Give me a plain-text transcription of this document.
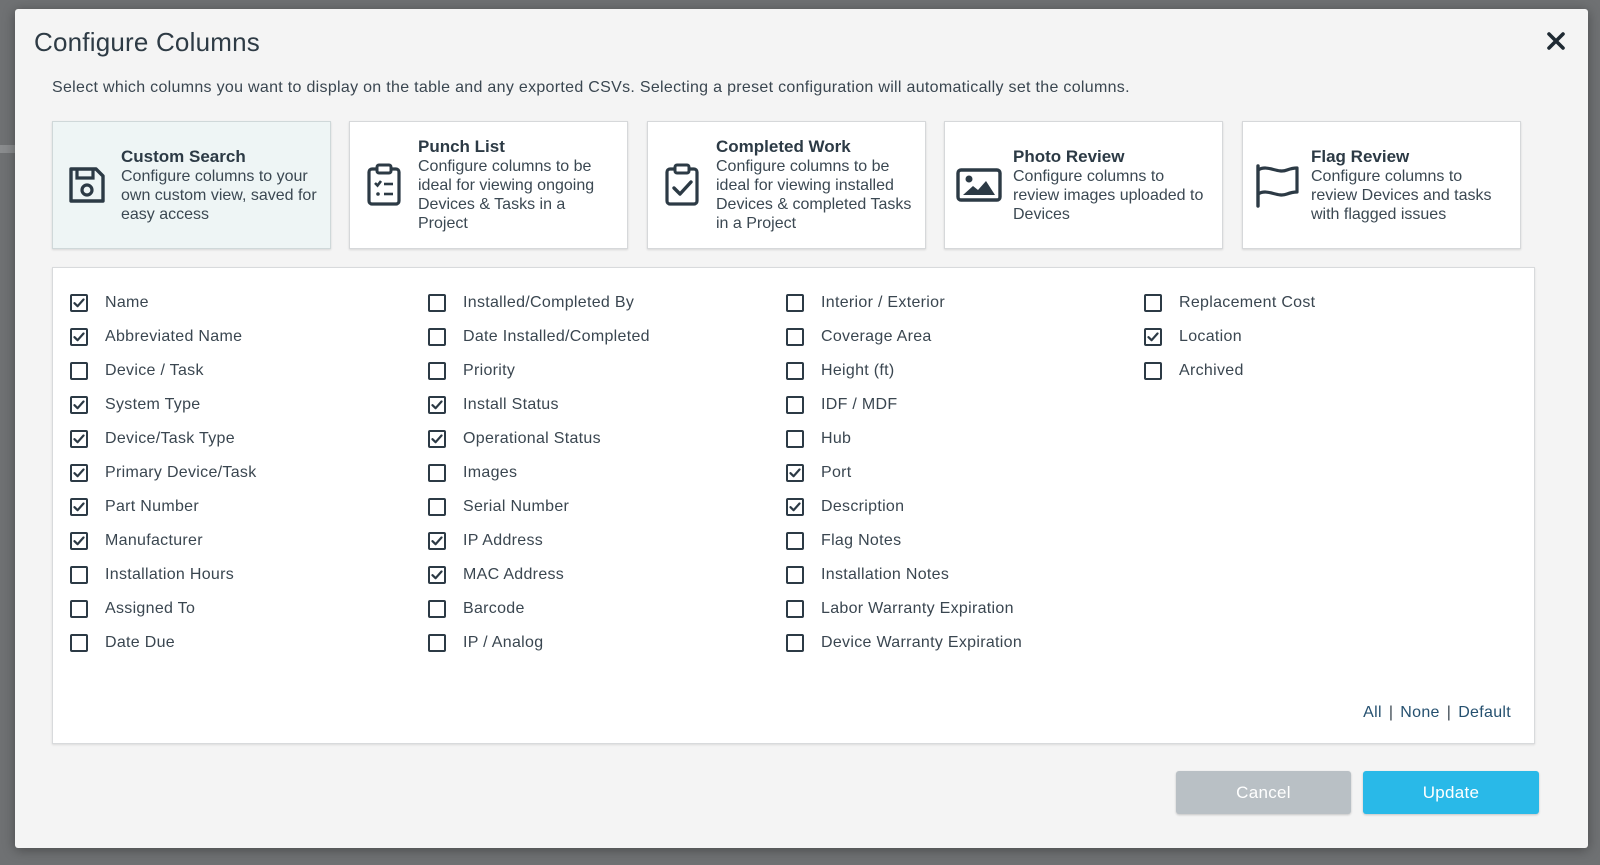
Configure Columns
Select which columns you want to display on the table and any exported CSVs. Selecting a preset configuration will automatically set the columns.
Custom Search
Configure columns to your own custom view, saved for easy access
Punch List
Configure columns to be ideal for viewing ongoing Devices & Tasks in a Project
Completed Work
Configure columns to be ideal for viewing installed Devices & completed Tasks in a Project
Photo Review
Configure columns to review images uploaded to Devices
Flag Review
Configure columns to review Devices and tasks with flagged issues
Name
Abbreviated Name
Device / Task
System Type
Device/Task Type
Primary Device/Task
Part Number
Manufacturer
Installation Hours
Assigned To
Date Due
Installed/Completed By
Date Installed/Completed
Priority
Install Status
Operational Status
Images
Serial Number
IP Address
MAC Address
Barcode
IP / Analog
Interior / Exterior
Coverage Area
Height (ft)
IDF / MDF
Hub
Port
Description
Flag Notes
Installation Notes
Labor Warranty Expiration
Device Warranty Expiration
Replacement Cost
Location
Archived
All | None | Default
Cancel	Update
